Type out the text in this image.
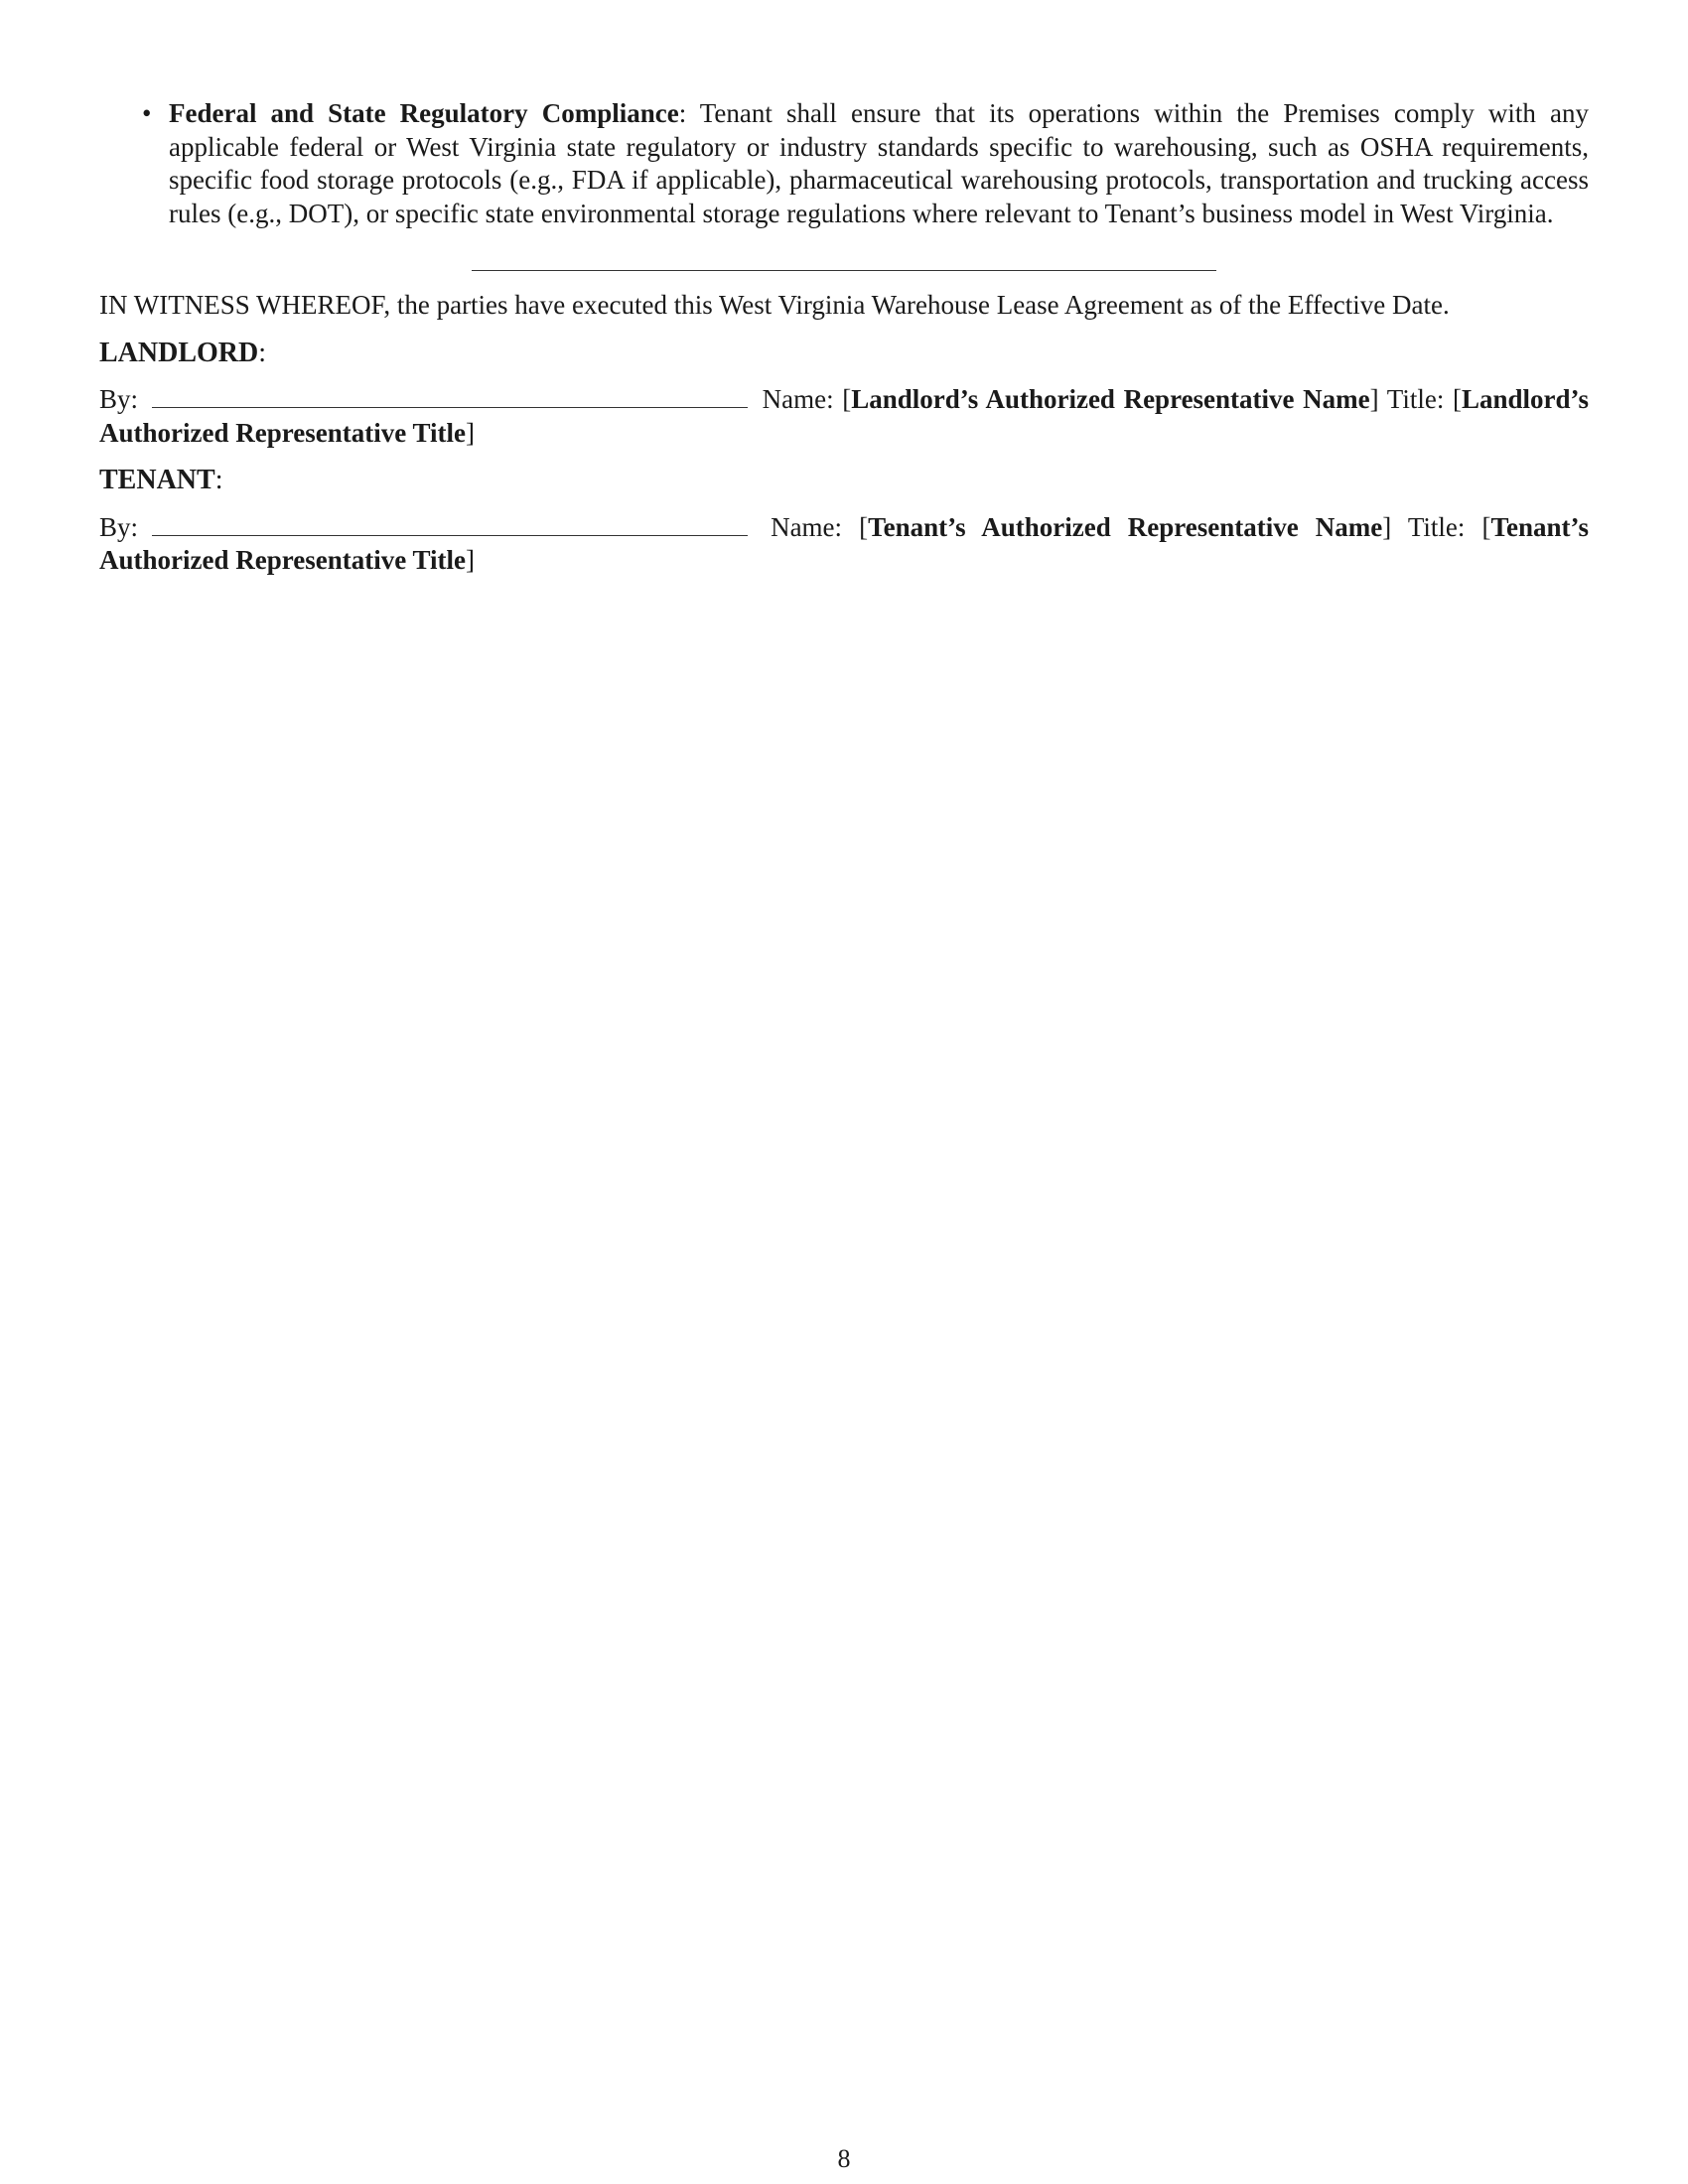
• Federal and State Regulatory Compliance: Tenant shall ensure that its operations within the Premises comply with any applicable federal or West Virginia state regulatory or industry standards specific to warehousing, such as OSHA requirements, specific food storage protocols (e.g., FDA if applicable), pharmaceutical warehousing protocols, transportation and trucking access rules (e.g., DOT), or specific state environmental storage regulations where relevant to Tenant’s business model in West Virginia.

IN WITNESS WHEREOF, the parties have executed this West Virginia Warehouse Lease Agreement as of the Effective Date.

LANDLORD:

By:	Name: [Landlord’s Authorized Representative Name] Title: [Landlord’s Authorized Representative Title]

TENANT:

By:	Name: [Tenant’s Authorized Representative Name] Title: [Tenant’s Authorized Representative Title]

8
